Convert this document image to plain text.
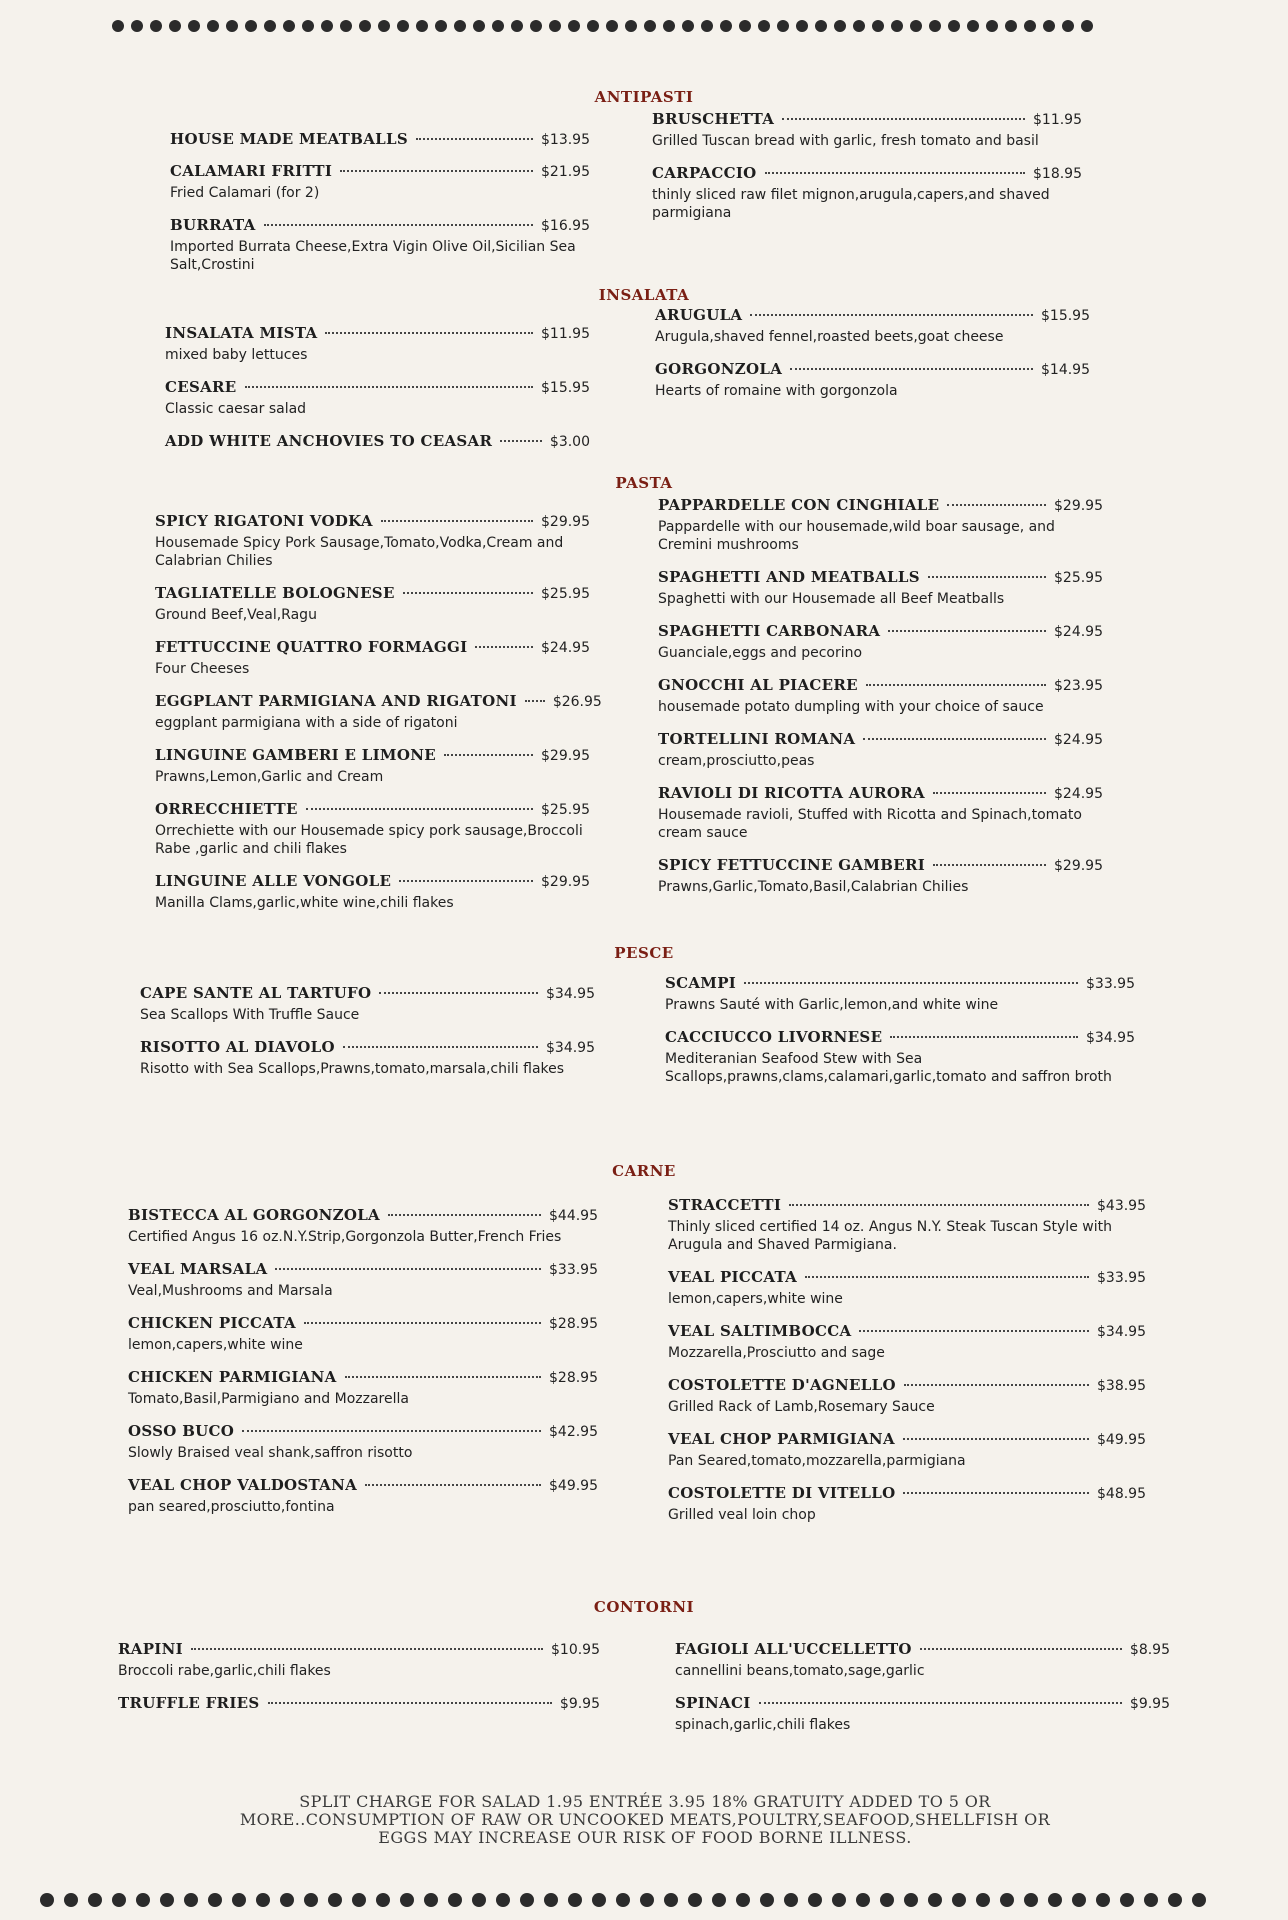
ANTIPASTI
HOUSE MADE MEATBALLS	$13.95
CALAMARI FRITTI	$21.95
Fried Calamari (for 2)
BURRATA	$16.95
Imported Burrata Cheese,Extra Vigin Olive Oil,Sicilian Sea Salt,Crostini
BRUSCHETTA	$11.95
Grilled Tuscan bread with garlic, fresh tomato and basil
CARPACCIO	$18.95
thinly sliced raw filet mignon,arugula,capers,and shaved parmigiana
INSALATA
INSALATA MISTA	$11.95
mixed baby lettuces
CESARE	$15.95
Classic caesar salad
ADD WHITE ANCHOVIES TO CEASAR	$3.00
ARUGULA	$15.95
Arugula,shaved fennel,roasted beets,goat cheese
GORGONZOLA	$14.95
Hearts of romaine with gorgonzola
PASTA
SPICY RIGATONI VODKA	$29.95
Housemade Spicy Pork Sausage,Tomato,Vodka,Cream and Calabrian Chilies
TAGLIATELLE BOLOGNESE	$25.95
Ground Beef,Veal,Ragu
FETTUCCINE QUATTRO FORMAGGI	$24.95
Four Cheeses
EGGPLANT PARMIGIANA AND RIGATONI	$26.95
eggplant parmigiana with a side of rigatoni
LINGUINE GAMBERI E LIMONE	$29.95
Prawns,Lemon,Garlic and Cream
ORRECCHIETTE	$25.95
Orrechiette with our Housemade spicy pork sausage,Broccoli Rabe ,garlic and chili flakes
LINGUINE ALLE VONGOLE	$29.95
Manilla Clams,garlic,white wine,chili flakes
PAPPARDELLE CON CINGHIALE	$29.95
Pappardelle with our housemade,wild boar sausage, and Cremini mushrooms
SPAGHETTI AND MEATBALLS	$25.95
Spaghetti with our Housemade all Beef Meatballs
SPAGHETTI CARBONARA	$24.95
Guanciale,eggs and pecorino
GNOCCHI AL PIACERE	$23.95
housemade potato dumpling with your choice of sauce
TORTELLINI ROMANA	$24.95
cream,prosciutto,peas
RAVIOLI DI RICOTTA AURORA	$24.95
Housemade ravioli, Stuffed with Ricotta and Spinach,tomato cream sauce
SPICY FETTUCCINE GAMBERI	$29.95
Prawns,Garlic,Tomato,Basil,Calabrian Chilies
PESCE
CAPE SANTE AL TARTUFO	$34.95
Sea Scallops With Truffle Sauce
RISOTTO AL DIAVOLO	$34.95
Risotto with Sea Scallops,Prawns,tomato,marsala,chili flakes
SCAMPI	$33.95
Prawns Sauté with Garlic,lemon,and white wine
CACCIUCCO LIVORNESE	$34.95
Mediteranian Seafood Stew with Sea Scallops,prawns,clams,calamari,garlic,tomato and saffron broth
CARNE
BISTECCA AL GORGONZOLA	$44.95
Certified Angus 16 oz.N.Y.Strip,Gorgonzola Butter,French Fries
VEAL MARSALA	$33.95
Veal,Mushrooms and Marsala
CHICKEN PICCATA	$28.95
lemon,capers,white wine
CHICKEN PARMIGIANA	$28.95
Tomato,Basil,Parmigiano and Mozzarella
OSSO BUCO	$42.95
Slowly Braised veal shank,saffron risotto
VEAL CHOP VALDOSTANA	$49.95
pan seared,prosciutto,fontina
STRACCETTI	$43.95
Thinly sliced certified 14 oz. Angus N.Y. Steak Tuscan Style with Arugula and Shaved Parmigiana.
VEAL PICCATA	$33.95
lemon,capers,white wine
VEAL SALTIMBOCCA	$34.95
Mozzarella,Prosciutto and sage
COSTOLETTE D'AGNELLO	$38.95
Grilled Rack of Lamb,Rosemary Sauce
VEAL CHOP PARMIGIANA	$49.95
Pan Seared,tomato,mozzarella,parmigiana
COSTOLETTE DI VITELLO	$48.95
Grilled veal loin chop
CONTORNI
RAPINI	$10.95
Broccoli rabe,garlic,chili flakes
TRUFFLE FRIES	$9.95
FAGIOLI ALL'UCCELLETTO	$8.95
cannellini beans,tomato,sage,garlic
SPINACI	$9.95
spinach,garlic,chili flakes
SPLIT CHARGE FOR SALAD 1.95 ENTRÉE 3.95 18% GRATUITY ADDED TO 5 OR
MORE..CONSUMPTION OF RAW OR UNCOOKED MEATS,POULTRY,SEAFOOD,SHELLFISH OR
EGGS MAY INCREASE OUR RISK OF FOOD BORNE ILLNESS.
